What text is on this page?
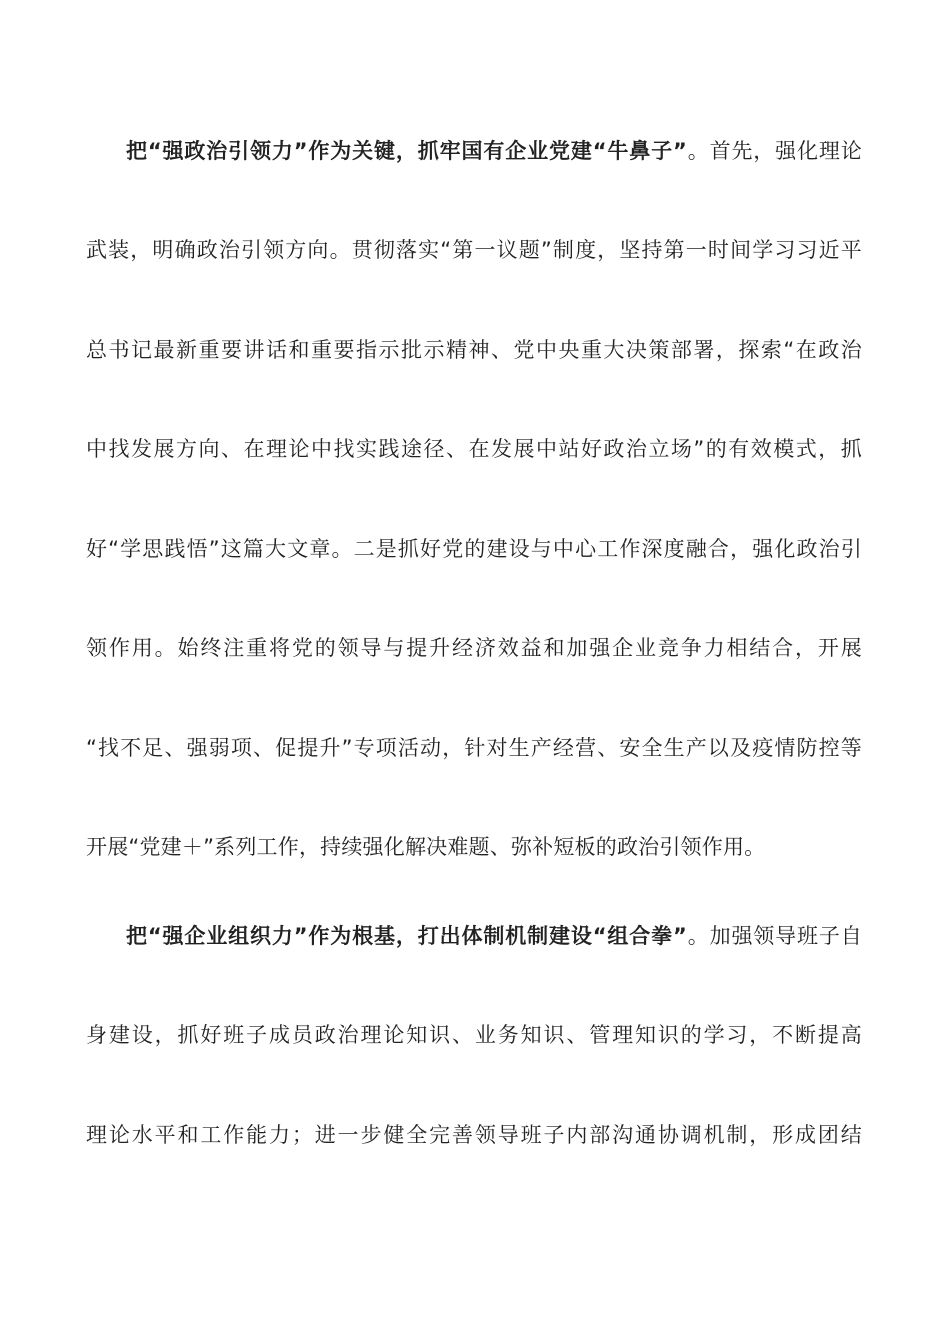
把“强政治引领力”作为关键，抓牢国有企业党建“牛鼻子”。首先，强化理论
武装，明确政治引领方向。贯彻落实“第一议题”制度，坚持第一时间学习习近平
总书记最新重要讲话和重要指示批示精神、党中央重大决策部署，探索“在政治
中找发展方向、在理论中找实践途径、在发展中站好政治立场”的有效模式，抓
好“学思践悟”这篇大文章。二是抓好党的建设与中心工作深度融合，强化政治引
领作用。始终注重将党的领导与提升经济效益和加强企业竞争力相结合，开展
“找不足、强弱项、促提升”专项活动，针对生产经营、安全生产以及疫情防控等
开展“党建＋”系列工作，持续强化解决难题、弥补短板的政治引领作用。
把“强企业组织力”作为根基，打出体制机制建设“组合拳”。加强领导班子自
身建设，抓好班子成员政治理论知识、业务知识、管理知识的学习，不断提高
理论水平和工作能力；进一步健全完善领导班子内部沟通协调机制，形成团结
